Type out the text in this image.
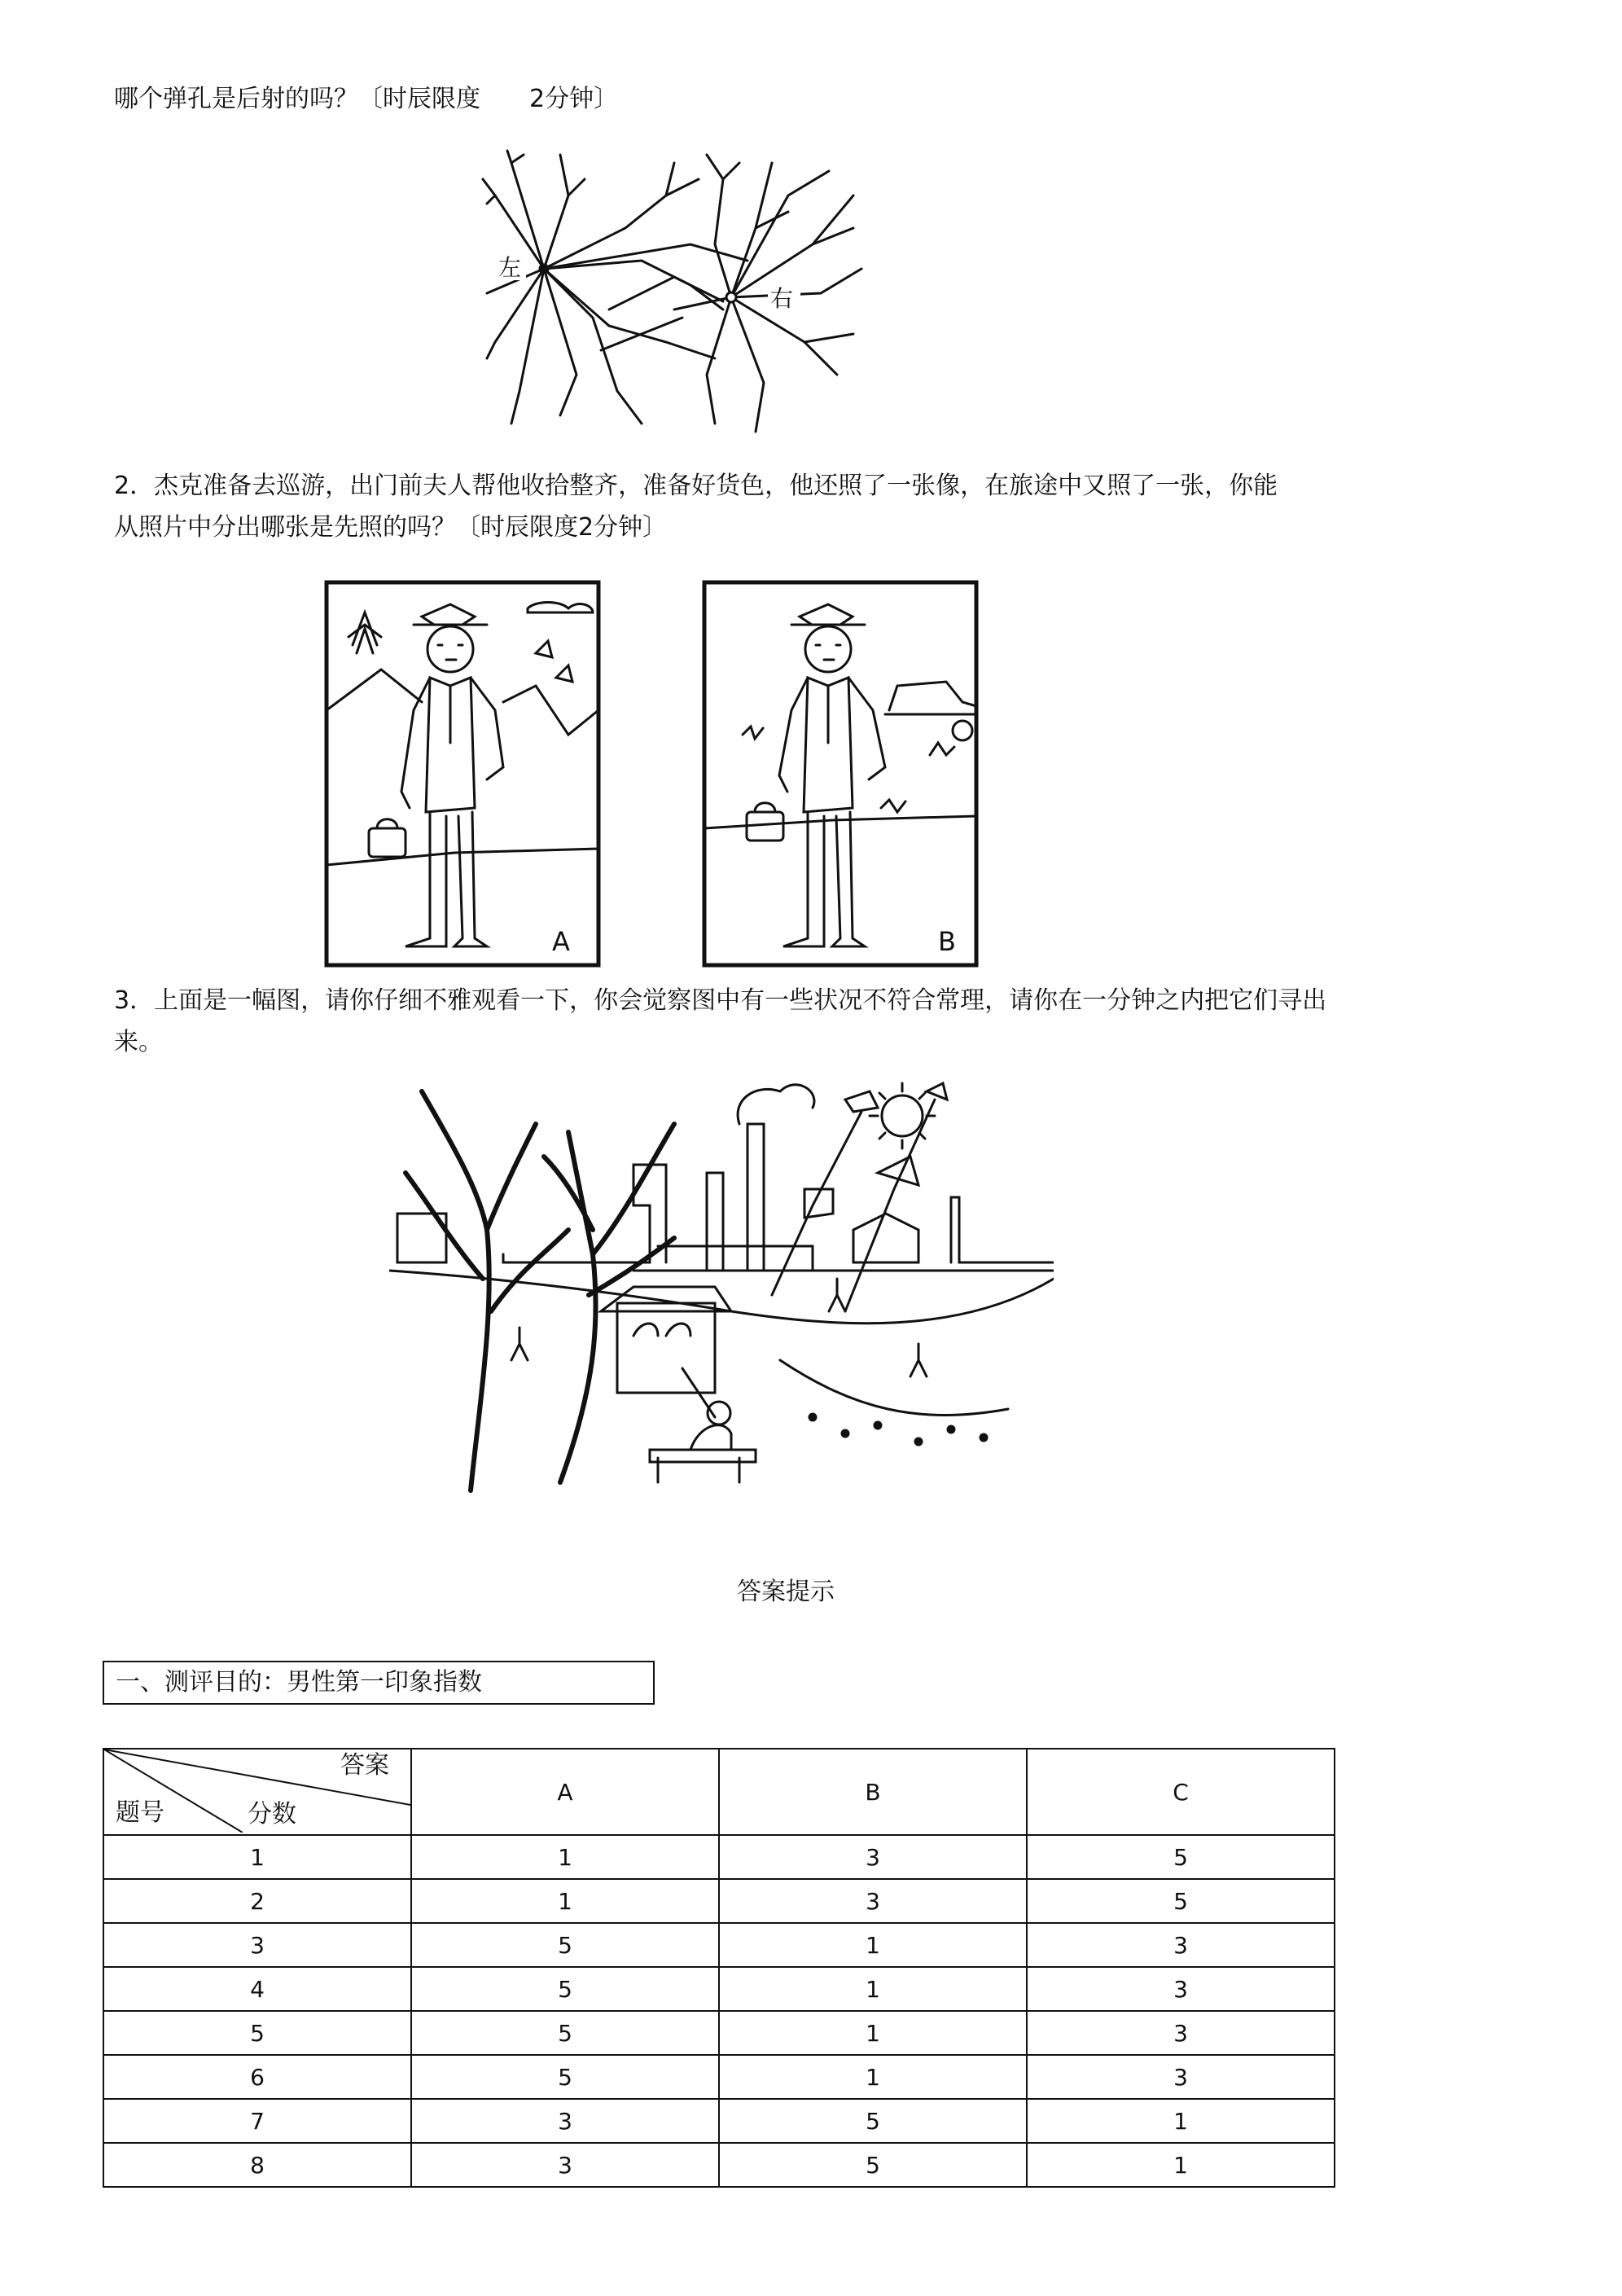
哪个弹孔是后射的吗？〔时辰限度　　2分钟〕
左
右
2．杰克准备去巡游，出门前夫人帮他收拾整齐，准备好货色，他还照了一张像，在旅途中又照了一张，你能
从照片中分出哪张是先照的吗？〔时辰限度2分钟〕
A	B
3．上面是一幅图，请你仔细不雅观看一下，你会觉察图中有一些状况不符合常理，请你在一分钟之内把它们寻出
来。
答案提示
一、测评目的：男性第一印象指数
答案
题号 分数	A	B	C
1	1	3	5
2	1	3	5
3	5	1	3
4	5	1	3
5	5	1	3
6	5	1	3
7	3	5	1
8	3	5	1
